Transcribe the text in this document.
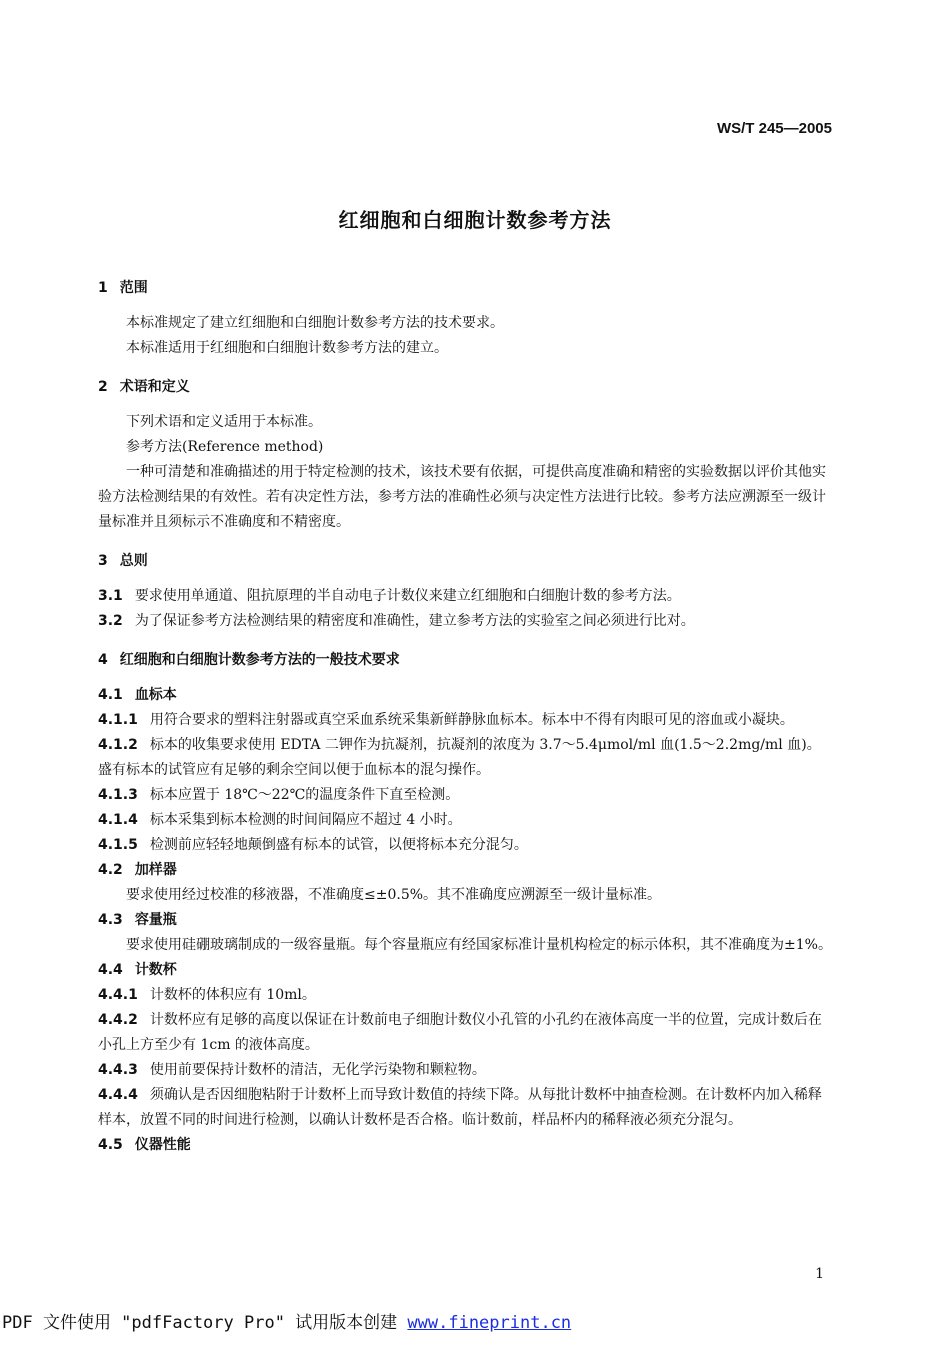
WS/T 245—2005
红细胞和白细胞计数参考方法
1 范围
本标准规定了建立红细胞和白细胞计数参考方法的技术要求。
本标准适用于红细胞和白细胞计数参考方法的建立。
2 术语和定义
下列术语和定义适用于本标准。
参考方法(Reference method)
一种可清楚和准确描述的用于特定检测的技术，该技术要有依据，可提供高度准确和精密的实验数据以评价其他实验方法检测结果的有效性。若有决定性方法，参考方法的准确性必须与决定性方法进行比较。参考方法应溯源至一级计量标准并且须标示不准确度和不精密度。
3 总则
3.1 要求使用单通道、阻抗原理的半自动电子计数仪来建立红细胞和白细胞计数的参考方法。
3.2 为了保证参考方法检测结果的精密度和准确性，建立参考方法的实验室之间必须进行比对。
4 红细胞和白细胞计数参考方法的一般技术要求
4.1 血标本
4.1.1 用符合要求的塑料注射器或真空采血系统采集新鲜静脉血标本。标本中不得有肉眼可见的溶血或小凝块。
4.1.2 标本的收集要求使用 EDTA 二钾作为抗凝剂，抗凝剂的浓度为 3.7～5.4μmol/ml 血(1.5～2.2mg/ml 血)。盛有标本的试管应有足够的剩余空间以便于血标本的混匀操作。
4.1.3 标本应置于 18℃～22℃的温度条件下直至检测。
4.1.4 标本采集到标本检测的时间间隔应不超过 4 小时。
4.1.5 检测前应轻轻地颠倒盛有标本的试管，以便将标本充分混匀。
4.2 加样器
要求使用经过校准的移液器，不准确度≤±0.5%。其不准确度应溯源至一级计量标准。
4.3 容量瓶
要求使用硅硼玻璃制成的一级容量瓶。每个容量瓶应有经国家标准计量机构检定的标示体积，其不准确度为±1%。
4.4 计数杯
4.4.1 计数杯的体积应有 10ml。
4.4.2 计数杯应有足够的高度以保证在计数前电子细胞计数仪小孔管的小孔约在液体高度一半的位置，完成计数后在小孔上方至少有 1cm 的液体高度。
4.4.3 使用前要保持计数杯的清洁，无化学污染物和颗粒物。
4.4.4 须确认是否因细胞粘附于计数杯上而导致计数值的持续下降。从每批计数杯中抽查检测。在计数杯内加入稀释样本，放置不同的时间进行检测，以确认计数杯是否合格。临计数前，样品杯内的稀释液必须充分混匀。
4.5 仪器性能
1
PDF 文件使用 "pdfFactory Pro" 试用版本创建 www.fineprint.cn
